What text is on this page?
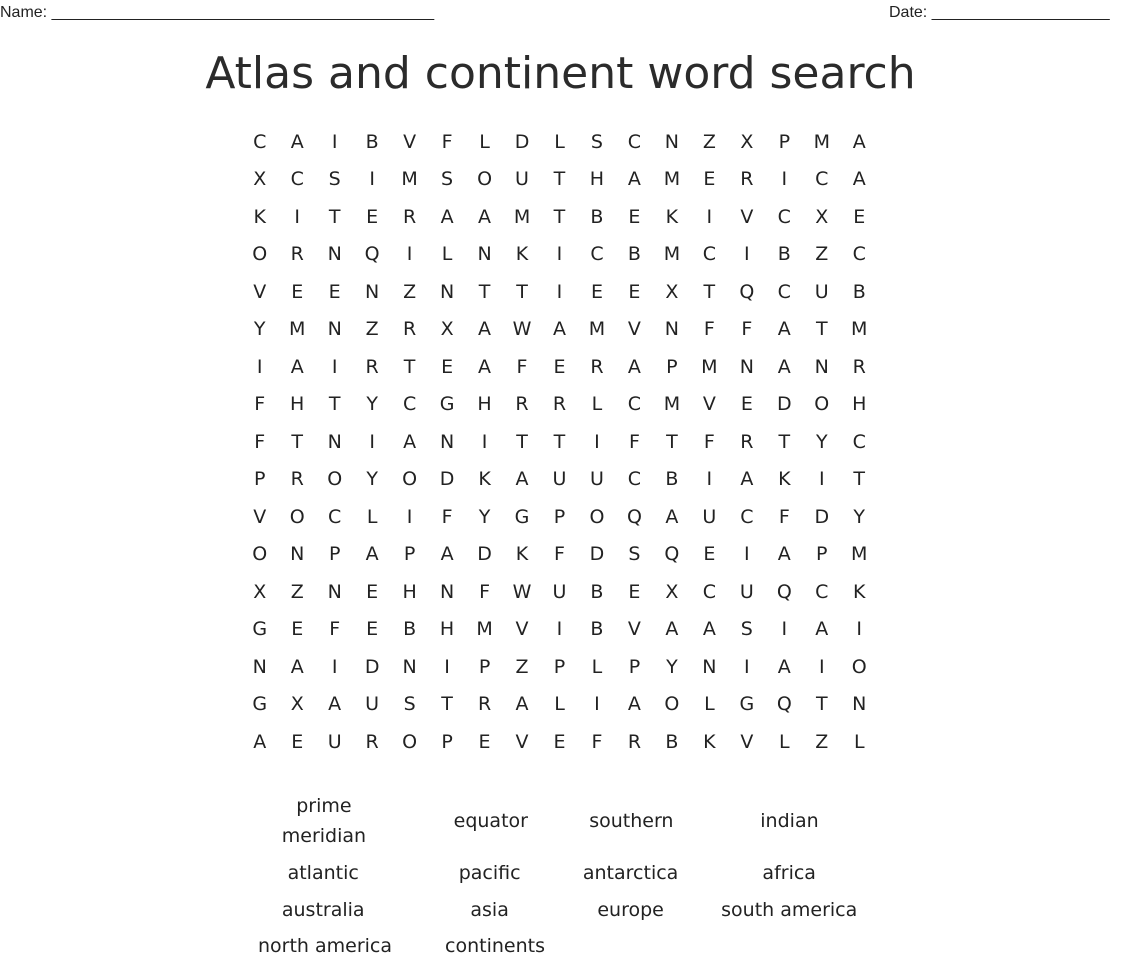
Name: ___________________________________________	Date: ____________________
Atlas and continent word search
C	A	I	B	V	F	L	D	L	S	C	N	Z	X	P	M	A
X	C	S	I	M	S	O	U	T	H	A	M	E	R	I	C	A
K	I	T	E	R	A	A	M	T	B	E	K	I	V	C	X	E
O	R	N	Q	I	L	N	K	I	C	B	M	C	I	B	Z	C
V	E	E	N	Z	N	T	T	I	E	E	X	T	Q	C	U	B
Y	M	N	Z	R	X	A	W	A	M	V	N	F	F	A	T	M
I	A	I	R	T	E	A	F	E	R	A	P	M	N	A	N	R
F	H	T	Y	C	G	H	R	R	L	C	M	V	E	D	O	H
F	T	N	I	A	N	I	T	T	I	F	T	F	R	T	Y	C
P	R	O	Y	O	D	K	A	U	U	C	B	I	A	K	I	T
V	O	C	L	I	F	Y	G	P	O	Q	A	U	C	F	D	Y
O	N	P	A	P	A	D	K	F	D	S	Q	E	I	A	P	M
X	Z	N	E	H	N	F	W	U	B	E	X	C	U	Q	C	K
G	E	F	E	B	H	M	V	I	B	V	A	A	S	I	A	I
N	A	I	D	N	I	P	Z	P	L	P	Y	N	I	A	I	O
G	X	A	U	S	T	R	A	L	I	A	O	L	G	Q	T	N
A	E	U	R	O	P	E	V	E	F	R	B	K	V	L	Z	L
prime meridian
equator	southern	indian
atlantic	pacific	antarctica	africa
australia	asia	europe	south america
north america	continents
